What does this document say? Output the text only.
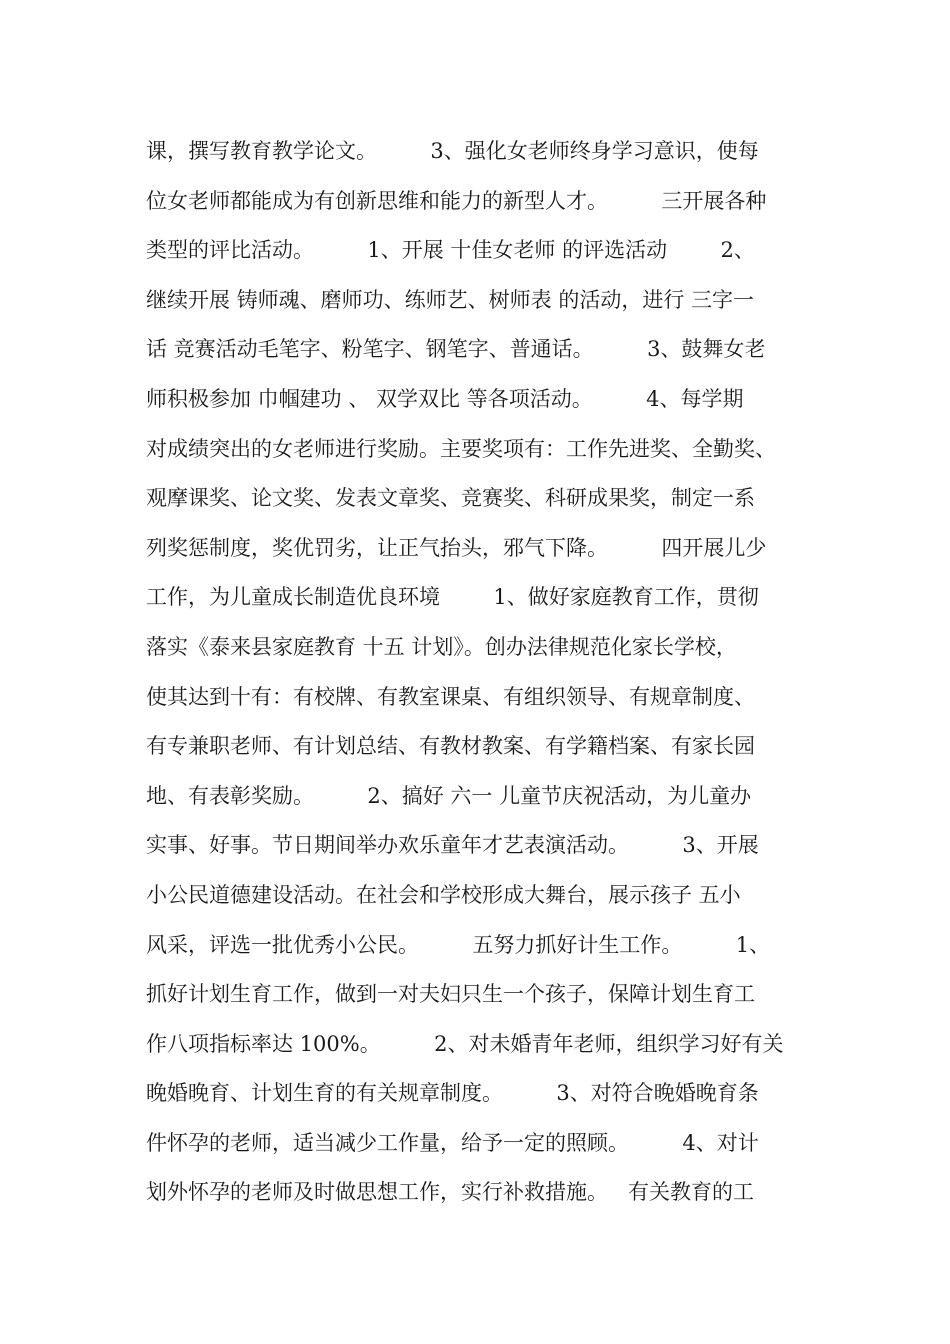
课，撰写教育教学论文。        3、强化女老师终身学习意识，使每
位女老师都能成为有创新思维和能力的新型人才。        三开展各种
类型的评比活动。        1、开展 十佳女老师 的评选活动        2、
继续开展 铸师魂、磨师功、练师艺、树师表 的活动，进行 三字一
话 竞赛活动毛笔字、粉笔字、钢笔字、普通话。        3、鼓舞女老
师积极参加 巾帼建功 、 双学双比 等各项活动。        4、每学期
对成绩突出的女老师进行奖励。主要奖项有：工作先进奖、全勤奖、
观摩课奖、论文奖、发表文章奖、竞赛奖、科研成果奖，制定一系
列奖惩制度，奖优罚劣，让正气抬头，邪气下降。        四开展儿少
工作，为儿童成长制造优良环境        1、做好家庭教育工作，贯彻
落实《泰来县家庭教育 十五 计划》。创办法律规范化家长学校，
使其达到十有：有校牌、有教室课桌、有组织领导、有规章制度、
有专兼职老师、有计划总结、有教材教案、有学籍档案、有家长园
地、有表彰奖励。        2、搞好 六一 儿童节庆祝活动，为儿童办
实事、好事。节日期间举办欢乐童年才艺表演活动。        3、开展
小公民道德建设活动。在社会和学校形成大舞台，展示孩子 五小
风采，评选一批优秀小公民。        五努力抓好计生工作。        1、
抓好计划生育工作，做到一对夫妇只生一个孩子，保障计划生育工
作八项指标率达 100%。        2、对未婚青年老师，组织学习好有关
晚婚晚育、计划生育的有关规章制度。        3、对符合晚婚晚育条
件怀孕的老师，适当减少工作量，给予一定的照顾。        4、对计
划外怀孕的老师及时做思想工作，实行补救措施。   有关教育的工
